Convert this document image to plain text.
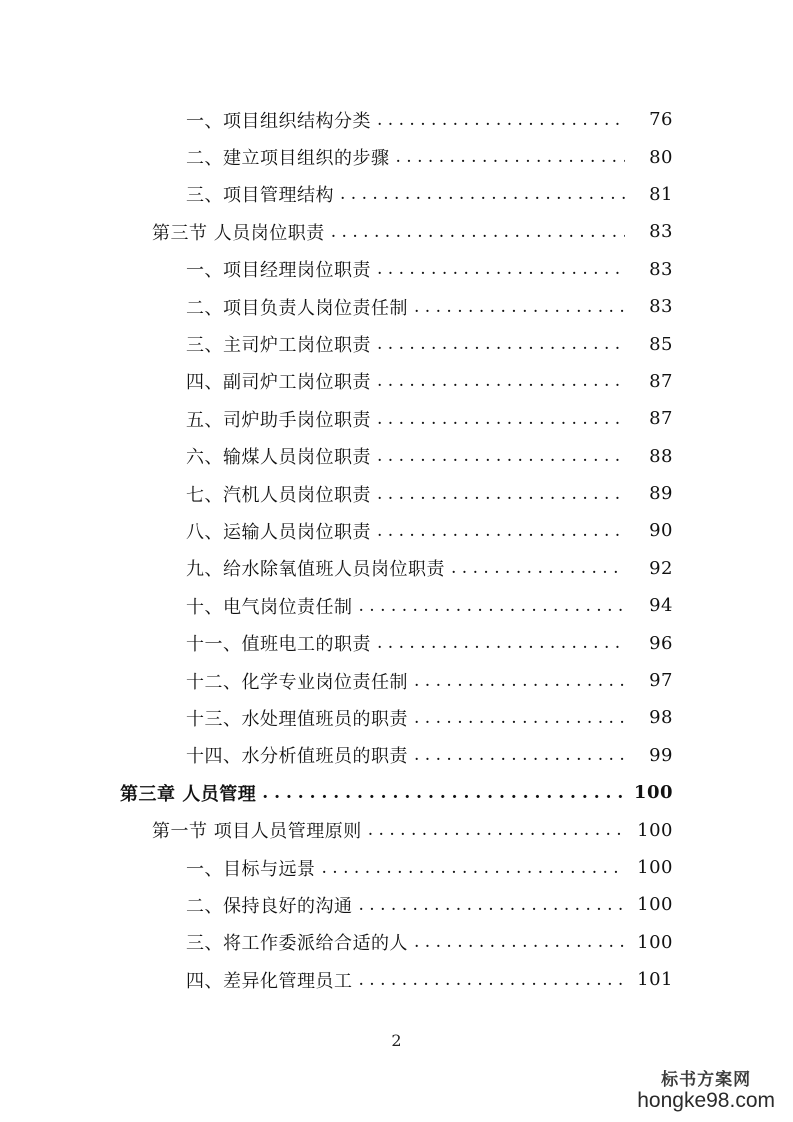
一、项目组织结构分类 . . .	76
二、建立项目组织的步骤 . . .	80
三、项目管理结构 . . .	81
第三节 人员岗位职责 . . .	83
一、项目经理岗位职责 . . .	83
二、项目负责人岗位责任制 . . .	83
三、主司炉工岗位职责 . . .	85
四、副司炉工岗位职责 . . .	87
五、司炉助手岗位职责 . . .	87
六、输煤人员岗位职责 . . .	88
七、汽机人员岗位职责 . . .	89
八、运输人员岗位职责 . . .	90
九、给水除氧值班人员岗位职责 . . .	92
十、电气岗位责任制 . . .	94
十一、值班电工的职责 . . .	96
十二、化学专业岗位责任制 . . .	97
十三、水处理值班员的职责 . . .	98
十四、水分析值班员的职责 . . .	99
第三章 人员管理 . . .	100
第一节 项目人员管理原则 . . .	100
一、目标与远景 . . .	100
二、保持良好的沟通 . . .	100
三、将工作委派给合适的人 . . .	100
四、差异化管理员工 . . .	101
2
标书方案网
hongke98.com
